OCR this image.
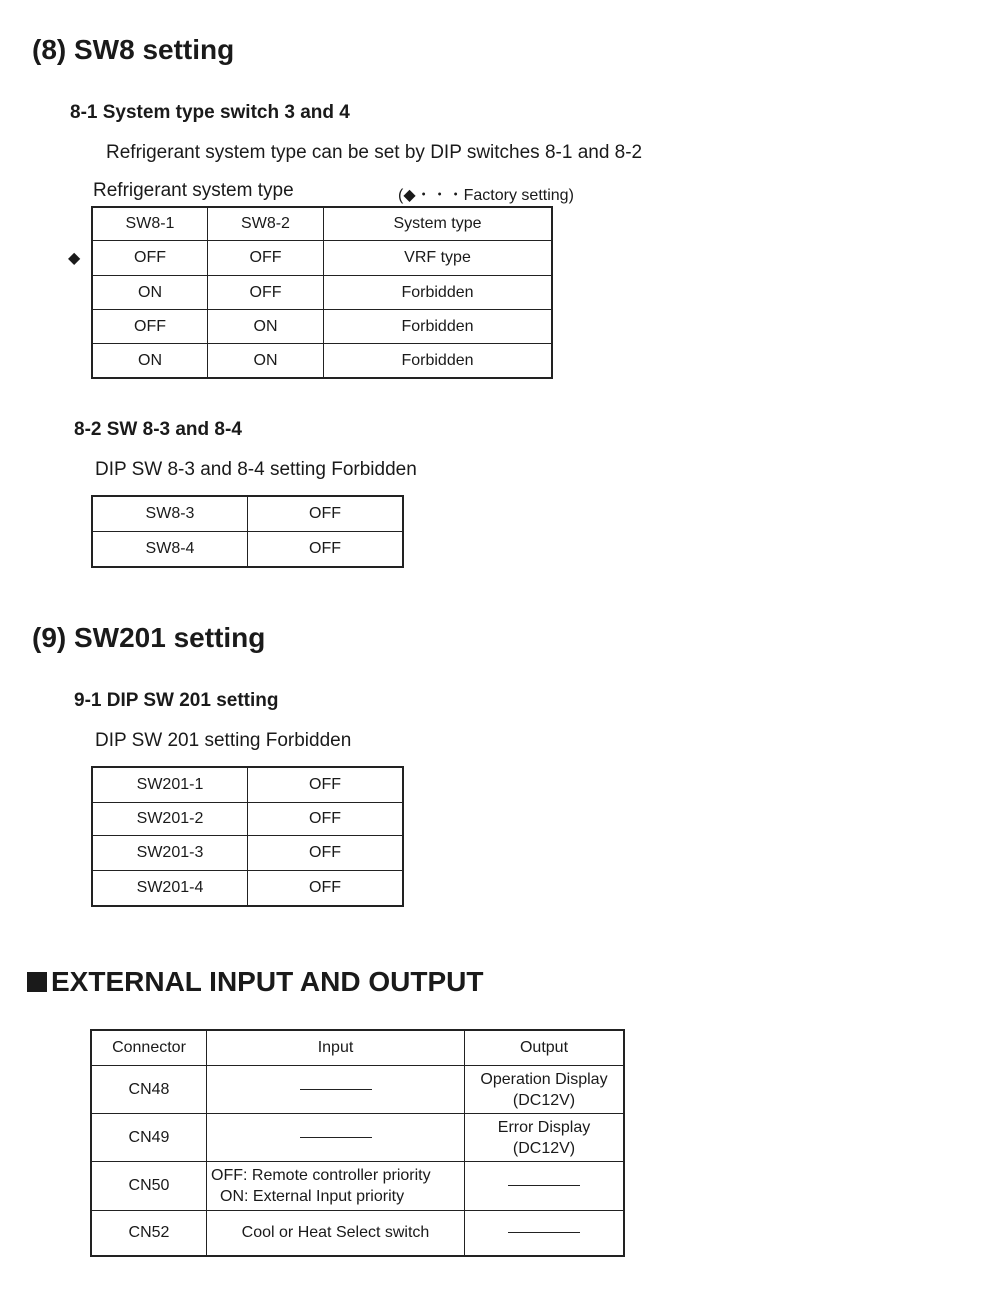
(8) SW8 setting
8-1 System type switch 3 and 4
Refrigerant system type can be set by DIP switches 8-1 and 8-2
Refrigerant system type	(◆・・・Factory setting)
◆
SW8-1	SW8-2	System type
OFF	OFF	VRF type
ON	OFF	Forbidden
OFF	ON	Forbidden
ON	ON	Forbidden
8-2 SW 8-3 and 8-4
DIP SW 8-3 and 8-4 setting Forbidden
SW8-3	OFF
SW8-4	OFF
(9) SW201 setting
9-1 DIP SW 201 setting
DIP SW 201 setting Forbidden
SW201-1	OFF
SW201-2	OFF
SW201-3	OFF
SW201-4	OFF
EXTERNAL INPUT AND OUTPUT
Connector	Input	Output
CN48		Operation Display
(DC12V)

CN49		Error Display
(DC12V)

CN50	OFF: Remote controller priority
ON: External Input priority	

CN52	Cool or Heat Select switch	
